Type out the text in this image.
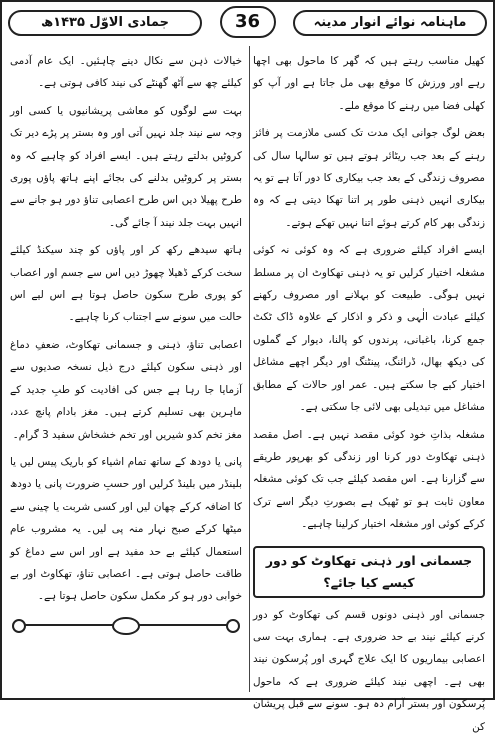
جمادی الاوّل ۱۴۳۵ھ	36	ماہنامہ نوائے انوار مدینہ

کھیل مناسب رہتے ہیں کہ گھر کا ماحول بھی اچھا رہے اور ورزش کا موقع بھی مل جاتا ہے اور آپ کو کھلی فضا میں رہنے کا موقع ملے۔

بعض لوگ جوانی ایک مدت تک کسی ملازمت پر فائز رہنے کے بعد جب ریٹائر ہوتے ہیں تو سالہا سال کی مصروف زندگی کے بعد جب بیکاری کا دور آتا ہے تو یہ بیکاری انہیں ذہنی طور پر اتنا تھکا دیتی ہے کہ وہ زندگی بھر کام کرتے ہوئے اتنا نہیں تھکے ہوتے۔

ایسے افراد کیلئے ضروری ہے کہ وہ کوئی نہ کوئی مشغلہ اختیار کرلیں تو یہ ذہنی تھکاوٹ ان پر مسلط نہیں ہوگی۔ طبیعت کو بہلانے اور مصروف رکھنے کیلئے عبادت الٰہی و ذکر و اذکار کے علاوہ ڈاک ٹکٹ جمع کرنا، باغبانی، پرندوں کو پالنا، دیوار کے گملوں کی دیکھ بھال، ڈرائنگ، پینٹنگ اور دیگر اچھے مشاغل اختیار کیے جا سکتے ہیں۔ عمر اور حالات کے مطابق مشاغل میں تبدیلی بھی لائی جا سکتی ہے۔

مشغلہ بذاتِ خود کوئی مقصد نہیں ہے۔ اصل مقصد ذہنی تھکاوٹ دور کرنا اور زندگی کو بھرپور طریقے سے گزارنا ہے۔ اس مقصد کیلئے جب تک کوئی مشغلہ معاون ثابت ہو تو ٹھیک ہے بصورتِ دیگر اسے ترک کرکے کوئی اور مشغلہ اختیار کرلینا چاہیے۔

جسمانی اور ذہنی تھکاوٹ کو دور کیسے کیا جائے؟

جسمانی اور ذہنی دونوں قسم کی تھکاوٹ کو دور کرنے کیلئے نیند بے حد ضروری ہے۔ ہماری بہت سی اعصابی بیماریوں کا ایک علاج گہری اور پُرسکون نیند بھی ہے۔ اچھی نیند کیلئے ضروری ہے کہ ماحول پُرسکون اور بستر آرام دہ ہو۔ سونے سے قبل پریشان کن

خیالات ذہن سے نکال دینے چاہئیں۔ ایک عام آدمی کیلئے چھ سے آٹھ گھنٹے کی نیند کافی ہوتی ہے۔

بہت سے لوگوں کو معاشی پریشانیوں یا کسی اور وجہ سے نیند جلد نہیں آتی اور وہ بستر پر پڑے دیر تک کروٹیں بدلتے رہتے ہیں۔ ایسے افراد کو چاہیے کہ وہ بستر پر کروٹیں بدلنے کی بجائے اپنے ہاتھ پاؤں پوری طرح پھیلا دیں اس طرح اعصابی تناؤ دور ہو جانے سے انہیں بہت جلد نیند آ جائے گی۔

ہاتھ سیدھے رکھ کر اور پاؤں کو چند سیکنڈ کیلئے سخت کرکے ڈھیلا چھوڑ دیں اس سے جسم اور اعصاب کو پوری طرح سکون حاصل ہوتا ہے اس لیے اس حالت میں سونے سے اجتناب کرنا چاہیے۔

اعصابی تناؤ، ذہنی و جسمانی تھکاوٹ، ضعفِ دماغ اور ذہنی سکون کیلئے درج ذیل نسخہ صدیوں سے آزمایا جا رہا ہے جس کی افادیت کو طبِ جدید کے ماہرین بھی تسلیم کرتے ہیں۔ مغز بادام پانچ عدد، مغز تخم کدو شیریں اور تخم خشخاش سفید 3 گرام۔

پانی یا دودھ کے ساتھ تمام اشیاء کو باریک پیس لیں یا بلینڈر میں بلینڈ کرلیں اور حسبِ ضرورت پانی یا دودھ کا اضافہ کرکے چھان لیں اور کسی شربت یا چینی سے میٹھا کرکے صبح نہار منہ پی لیں۔ یہ مشروب عام استعمال کیلئے بے حد مفید ہے اور اس سے دماغ کو طاقت حاصل ہوتی ہے۔ اعصابی تناؤ، تھکاوٹ اور بے خوابی دور ہو کر مکمل سکون حاصل ہوتا ہے۔
